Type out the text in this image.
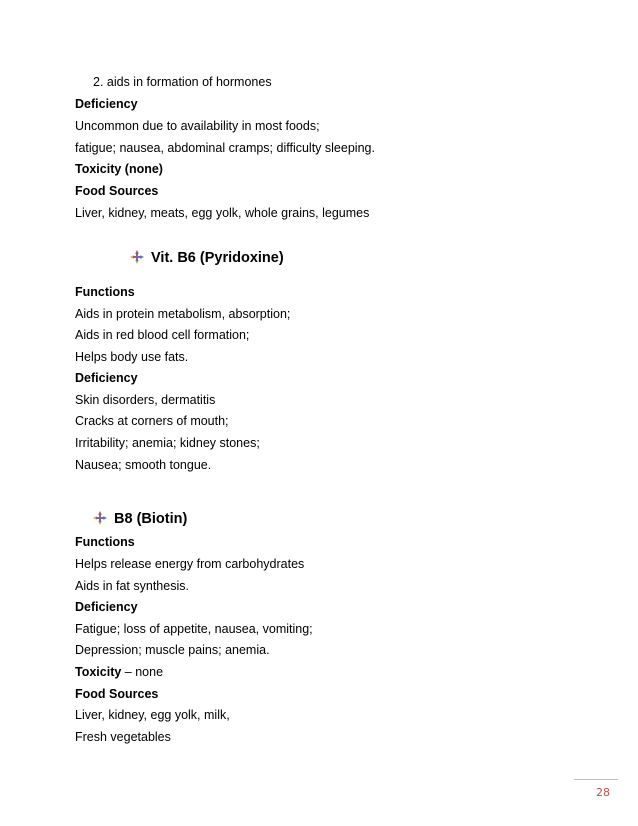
2. aids in formation of hormones
Deficiency
Uncommon due to availability in most foods;
fatigue; nausea, abdominal cramps; difficulty sleeping.
Toxicity (none)
Food Sources
Liver, kidney, meats, egg yolk, whole grains, legumes
Vit. B6 (Pyridoxine)
Functions
Aids in protein metabolism, absorption;
Aids in red blood cell formation;
Helps body use fats.
Deficiency
Skin disorders, dermatitis
Cracks at corners of mouth;
Irritability; anemia; kidney stones;
Nausea; smooth tongue.
B8 (Biotin)
Functions
Helps release energy from carbohydrates
Aids in fat synthesis.
Deficiency
Fatigue; loss of appetite, nausea, vomiting;
Depression; muscle pains; anemia.
Toxicity – none
Food Sources
Liver, kidney, egg yolk, milk,
Fresh vegetables
28
